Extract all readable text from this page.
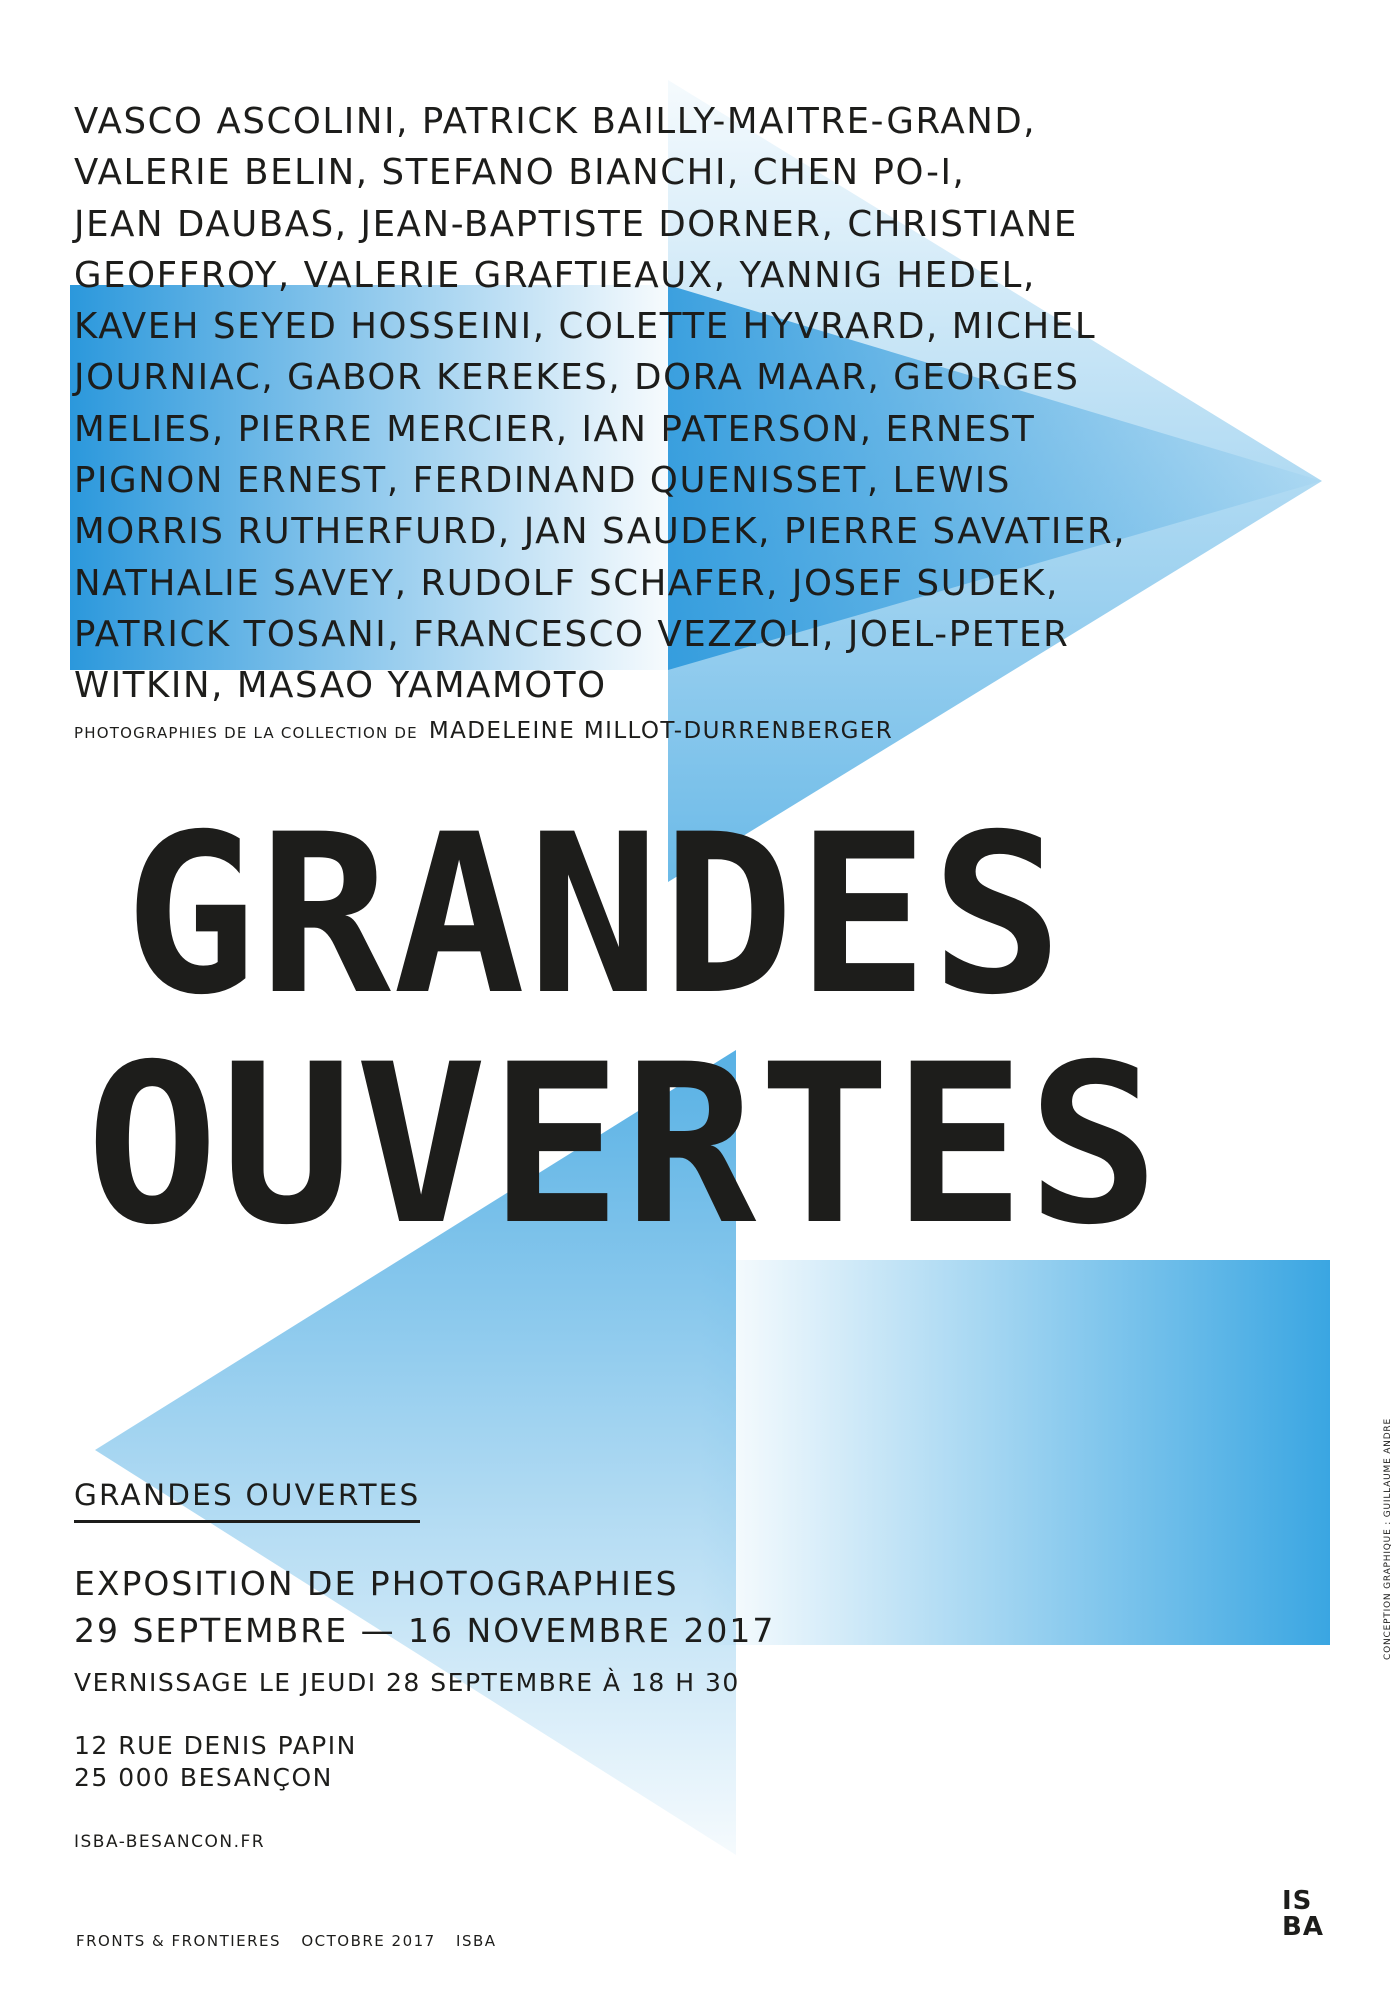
VASCO ASCOLINI, PATRICK BAILLY-MAITRE-GRAND,
VALERIE BELIN, STEFANO BIANCHI, CHEN PO-I,
JEAN DAUBAS, JEAN-BAPTISTE DORNER, CHRISTIANE
GEOFFROY, VALERIE GRAFTIEAUX, YANNIG HEDEL,
KAVEH SEYED HOSSEINI, COLETTE HYVRARD, MICHEL
JOURNIAC, GABOR KEREKES, DORA MAAR, GEORGES
MELIES, PIERRE MERCIER, IAN PATERSON, ERNEST
PIGNON ERNEST, FERDINAND QUENISSET, LEWIS
MORRIS RUTHERFURD, JAN SAUDEK, PIERRE SAVATIER,
NATHALIE SAVEY, RUDOLF SCHAFER, JOSEF SUDEK,
PATRICK TOSANI, FRANCESCO VEZZOLI, JOEL-PETER
WITKIN, MASAO YAMAMOTO

PHOTOGRAPHIES DE LA COLLECTION DE MADELEINE MILLOT-DURRENBERGER
GRANDES
OUVERTES
GRANDES OUVERTES
EXPOSITION DE PHOTOGRAPHIES
29 SEPTEMBRE — 16 NOVEMBRE 2017
VERNISSAGE LE JEUDI 28 SEPTEMBRE À 18 H 30
12 RUE DENIS PAPIN
25 000 BESANÇON
ISBA-BESANCON.FR
FRONTS & FRONTIERES OCTOBRE 2017 ISBA
CONCEPTION GRAPHIQUE : GUILLAUME ANDRE
IS
BA
